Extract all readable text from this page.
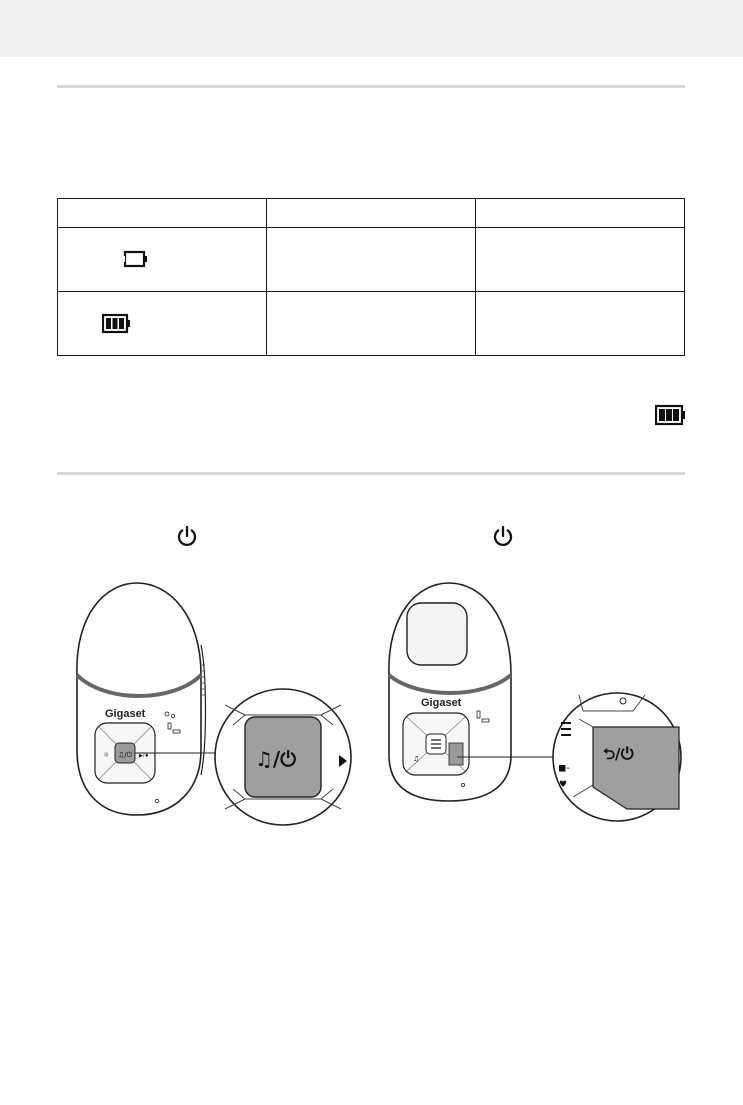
Gigaset
♫/⏻
☼	▶/♦	♫/⏻
Gigaset
♫
◼-
♥
⮌/⏻
